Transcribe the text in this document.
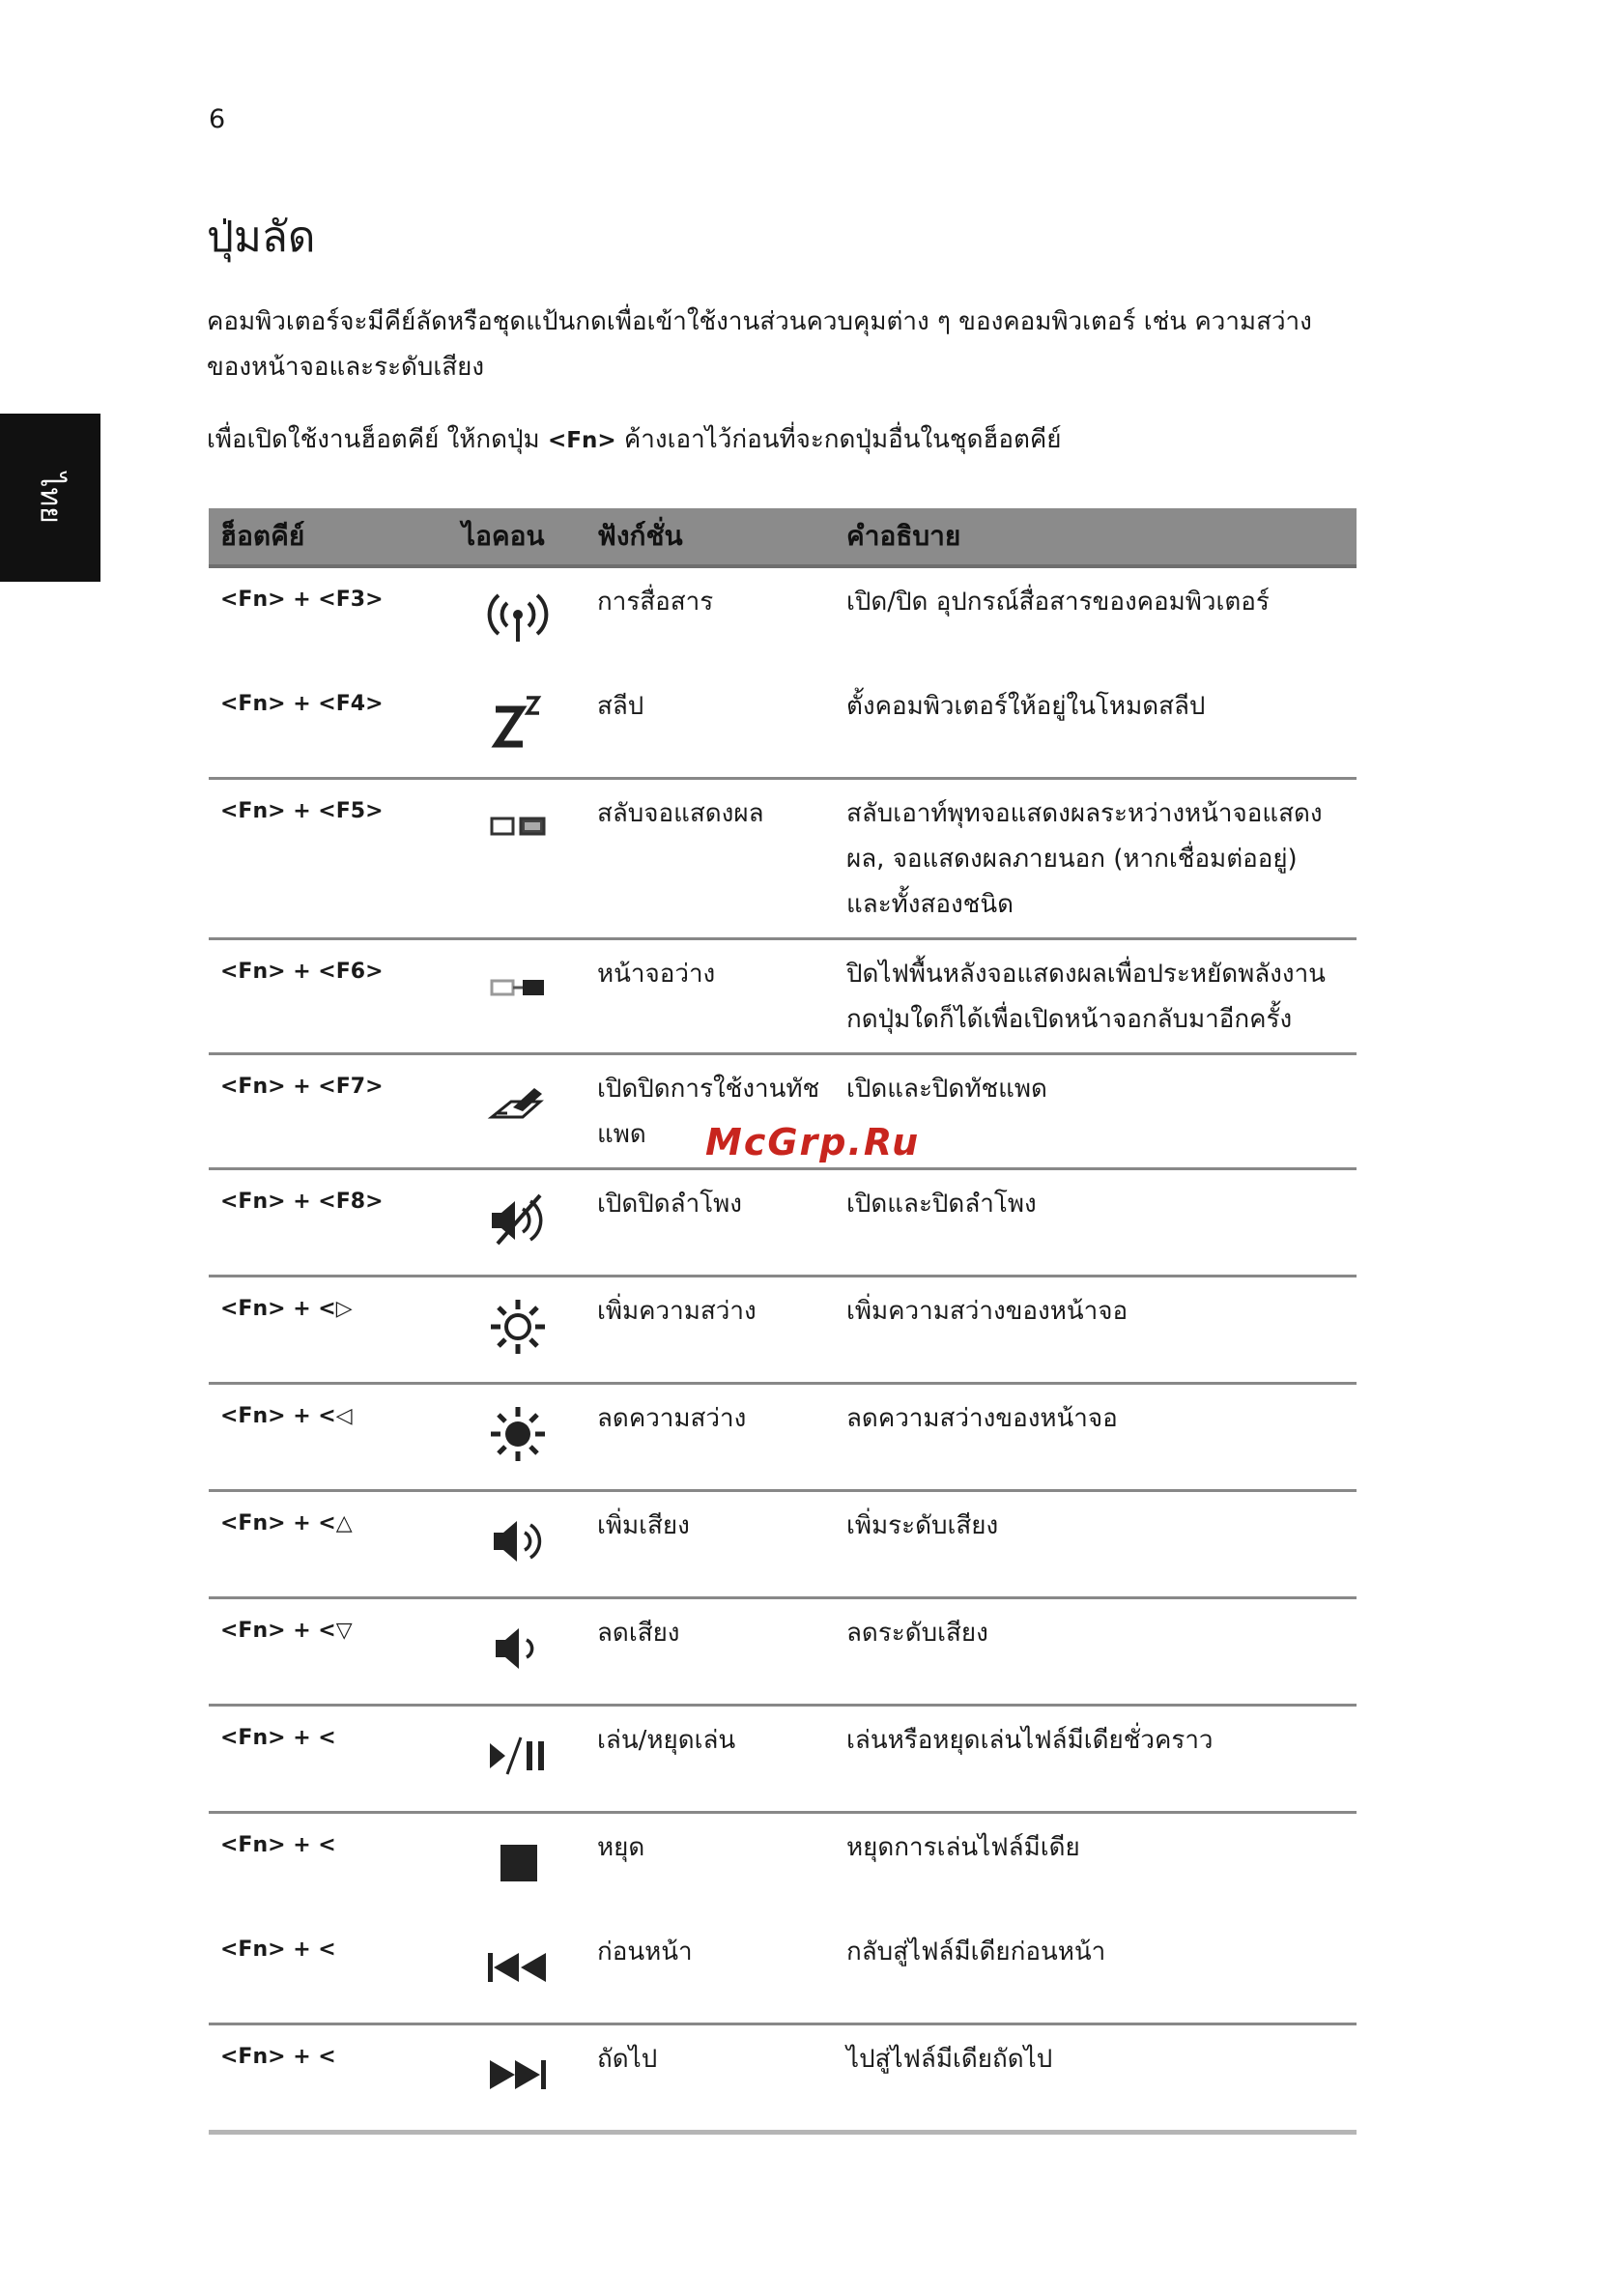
6
ปุ่มลัด

คอมพิวเตอร์จะมีคีย์ลัดหรือชุดแป้นกดเพื่อเข้าใช้งานส่วนควบคุมต่าง ๆ ของคอมพิวเตอร์ เช่น ความสว่าง
ของหน้าจอและระดับเสียง

เพื่อเปิดใช้งานฮ็อตคีย์ ให้กดปุ่ม <Fn> ค้างเอาไว้ก่อนที่จะกดปุ่มอื่นในชุดฮ็อตคีย์

ไทย
ฮ็อตคีย์	ไอคอน	ฟังก์ชั่น	คำอธิบาย
<Fn> + <F3>		การสื่อสาร	เปิด/ปิด อุปกรณ์สื่อสารของคอมพิวเตอร์
<Fn> + <F4>		สลีป	ตั้งคอมพิวเตอร์ให้อยู่ในโหมดสลีป
<Fn> + <F5>		สลับจอแสดงผล	สลับเอาท์พุทจอแสดงผลระหว่างหน้าจอแสดงผล, จอแสดงผลภายนอก (หากเชื่อมต่ออยู่) และทั้งสองชนิด
<Fn> + <F6>		หน้าจอว่าง	ปิดไฟพื้นหลังจอแสดงผลเพื่อประหยัดพลังงาน กดปุ่มใดก็ได้เพื่อเปิดหน้าจอกลับมาอีกครั้ง
<Fn> + <F7>		เปิดปิดการใช้งานทัชแพด	เปิดและปิดทัชแพด
<Fn> + <F8>		เปิดปิดลำโพง	เปิดและปิดลำโพง
<Fn> + <▷		เพิ่มความสว่าง	เพิ่มความสว่างของหน้าจอ
<Fn> + <◁		ลดความสว่าง	ลดความสว่างของหน้าจอ
<Fn> + <△		เพิ่มเสียง	เพิ่มระดับเสียง
<Fn> + <▽		ลดเสียง	ลดระดับเสียง
<Fn> + <		เล่น/หยุดเล่น	เล่นหรือหยุดเล่นไฟล์มีเดียชั่วคราว
<Fn> + <		หยุด	หยุดการเล่นไฟล์มีเดีย
<Fn> + <		ก่อนหน้า	กลับสู่ไฟล์มีเดียก่อนหน้า
<Fn> + <		ถัดไป	ไปสู่ไฟล์มีเดียถัดไป
McGrp.Ru
